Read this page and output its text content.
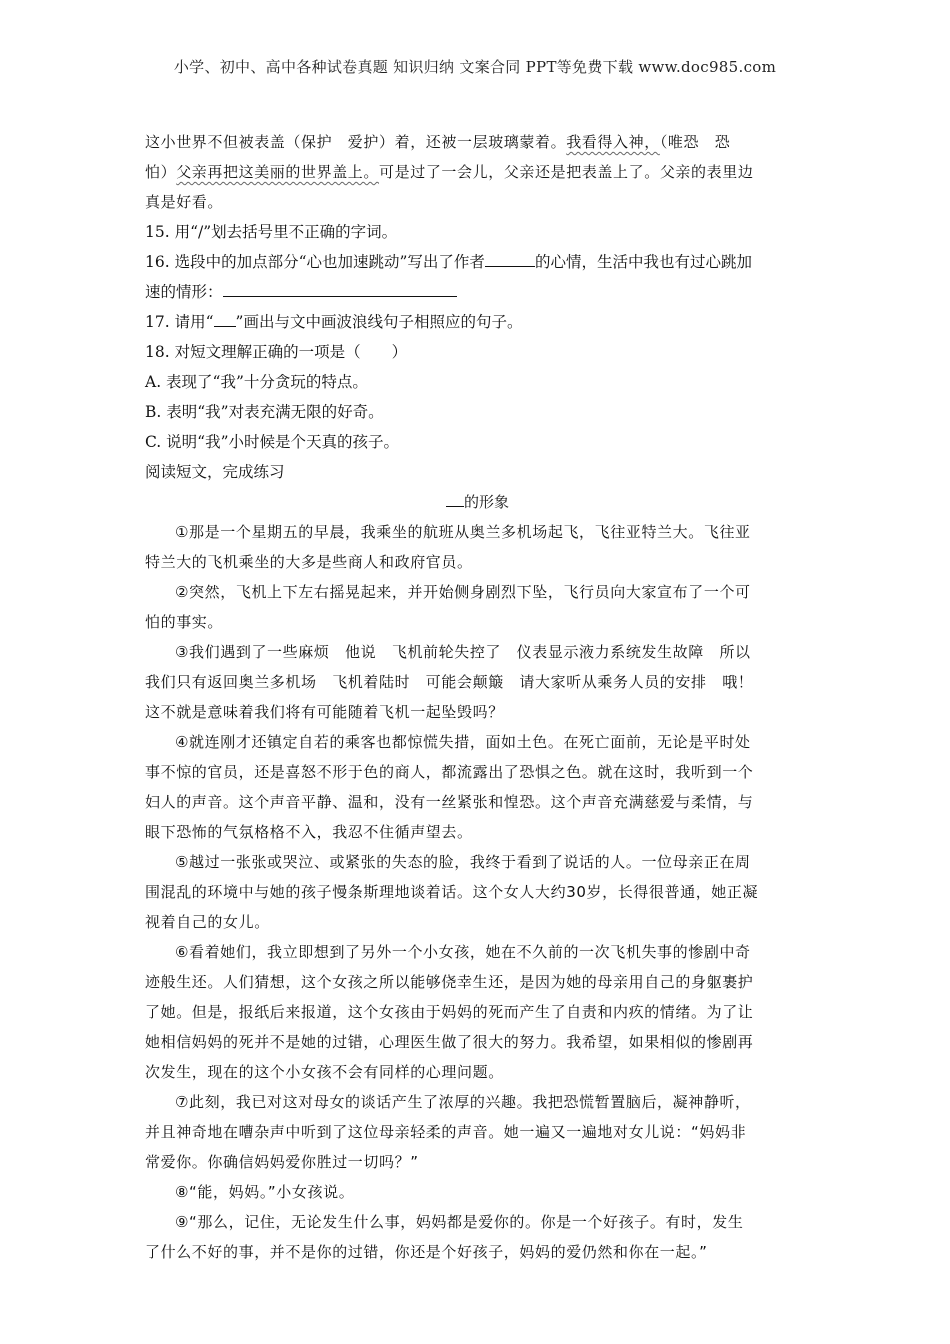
小学、初中、高中各种试卷真题 知识归纳 文案合同 PPT等免费下载 www.doc985.com

这小世界不但被表盖（保护　爱护）着，还被一层玻璃蒙着。我看得入神，（唯恐　恐

怕）父亲再把这美丽的世界盖上。可是过了一会儿，父亲还是把表盖上了。父亲的表里边

真是好看。

15. 用“/”划去括号里不正确的字词。

16. 选段中的加点部分“心也加速跳动”写出了作者	的心情，生活中我也有过心跳加

速的情形：

17. 请用“ ”画出与文中画波浪线句子相照应的句子。

18. 对短文理解正确的一项是（　　）

A. 表现了“我”十分贪玩的特点。

B. 表明“我”对表充满无限的好奇。

C. 说明“我”小时候是个天真的孩子。

阅读短文，完成练习

的形象

①那是一个星期五的早晨，我乘坐的航班从奥兰多机场起飞，飞往亚特兰大。飞往亚

特兰大的飞机乘坐的大多是些商人和政府官员。

②突然，飞机上下左右摇晃起来，并开始侧身剧烈下坠，飞行员向大家宣布了一个可

怕的事实。

③我们遇到了一些麻烦　他说　飞机前轮失控了　仪表显示液力系统发生故障　所以

我们只有返回奥兰多机场　飞机着陆时　可能会颠簸　请大家听从乘务人员的安排　哦！

这不就是意味着我们将有可能随着飞机一起坠毁吗？

④就连刚才还镇定自若的乘客也都惊慌失措，面如土色。在死亡面前，无论是平时处

事不惊的官员，还是喜怒不形于色的商人，都流露出了恐惧之色。就在这时，我听到一个

妇人的声音。这个声音平静、温和，没有一丝紧张和惶恐。这个声音充满慈爱与柔情，与

眼下恐怖的气氛格格不入，我忍不住循声望去。

⑤越过一张张或哭泣、或紧张的失态的脸，我终于看到了说话的人。一位母亲正在周

围混乱的环境中与她的孩子慢条斯理地谈着话。这个女人大约30岁，长得很普通，她正凝

视着自己的女儿。

⑥看着她们，我立即想到了另外一个小女孩，她在不久前的一次飞机失事的惨剧中奇

迹般生还。人们猜想，这个女孩之所以能够侥幸生还，是因为她的母亲用自己的身躯裹护

了她。但是，报纸后来报道，这个女孩由于妈妈的死而产生了自责和内疚的情绪。为了让

她相信妈妈的死并不是她的过错，心理医生做了很大的努力。我希望，如果相似的惨剧再

次发生，现在的这个小女孩不会有同样的心理问题。

⑦此刻，我已对这对母女的谈话产生了浓厚的兴趣。我把恐慌暂置脑后，凝神静听，

并且神奇地在嘈杂声中听到了这位母亲轻柔的声音。她一遍又一遍地对女儿说：“妈妈非

常爱你。你确信妈妈爱你胜过一切吗？”

⑧“能，妈妈。”小女孩说。

⑨“那么，记住，无论发生什么事，妈妈都是爱你的。你是一个好孩子。有时，发生

了什么不好的事，并不是你的过错，你还是个好孩子，妈妈的爱仍然和你在一起。”
